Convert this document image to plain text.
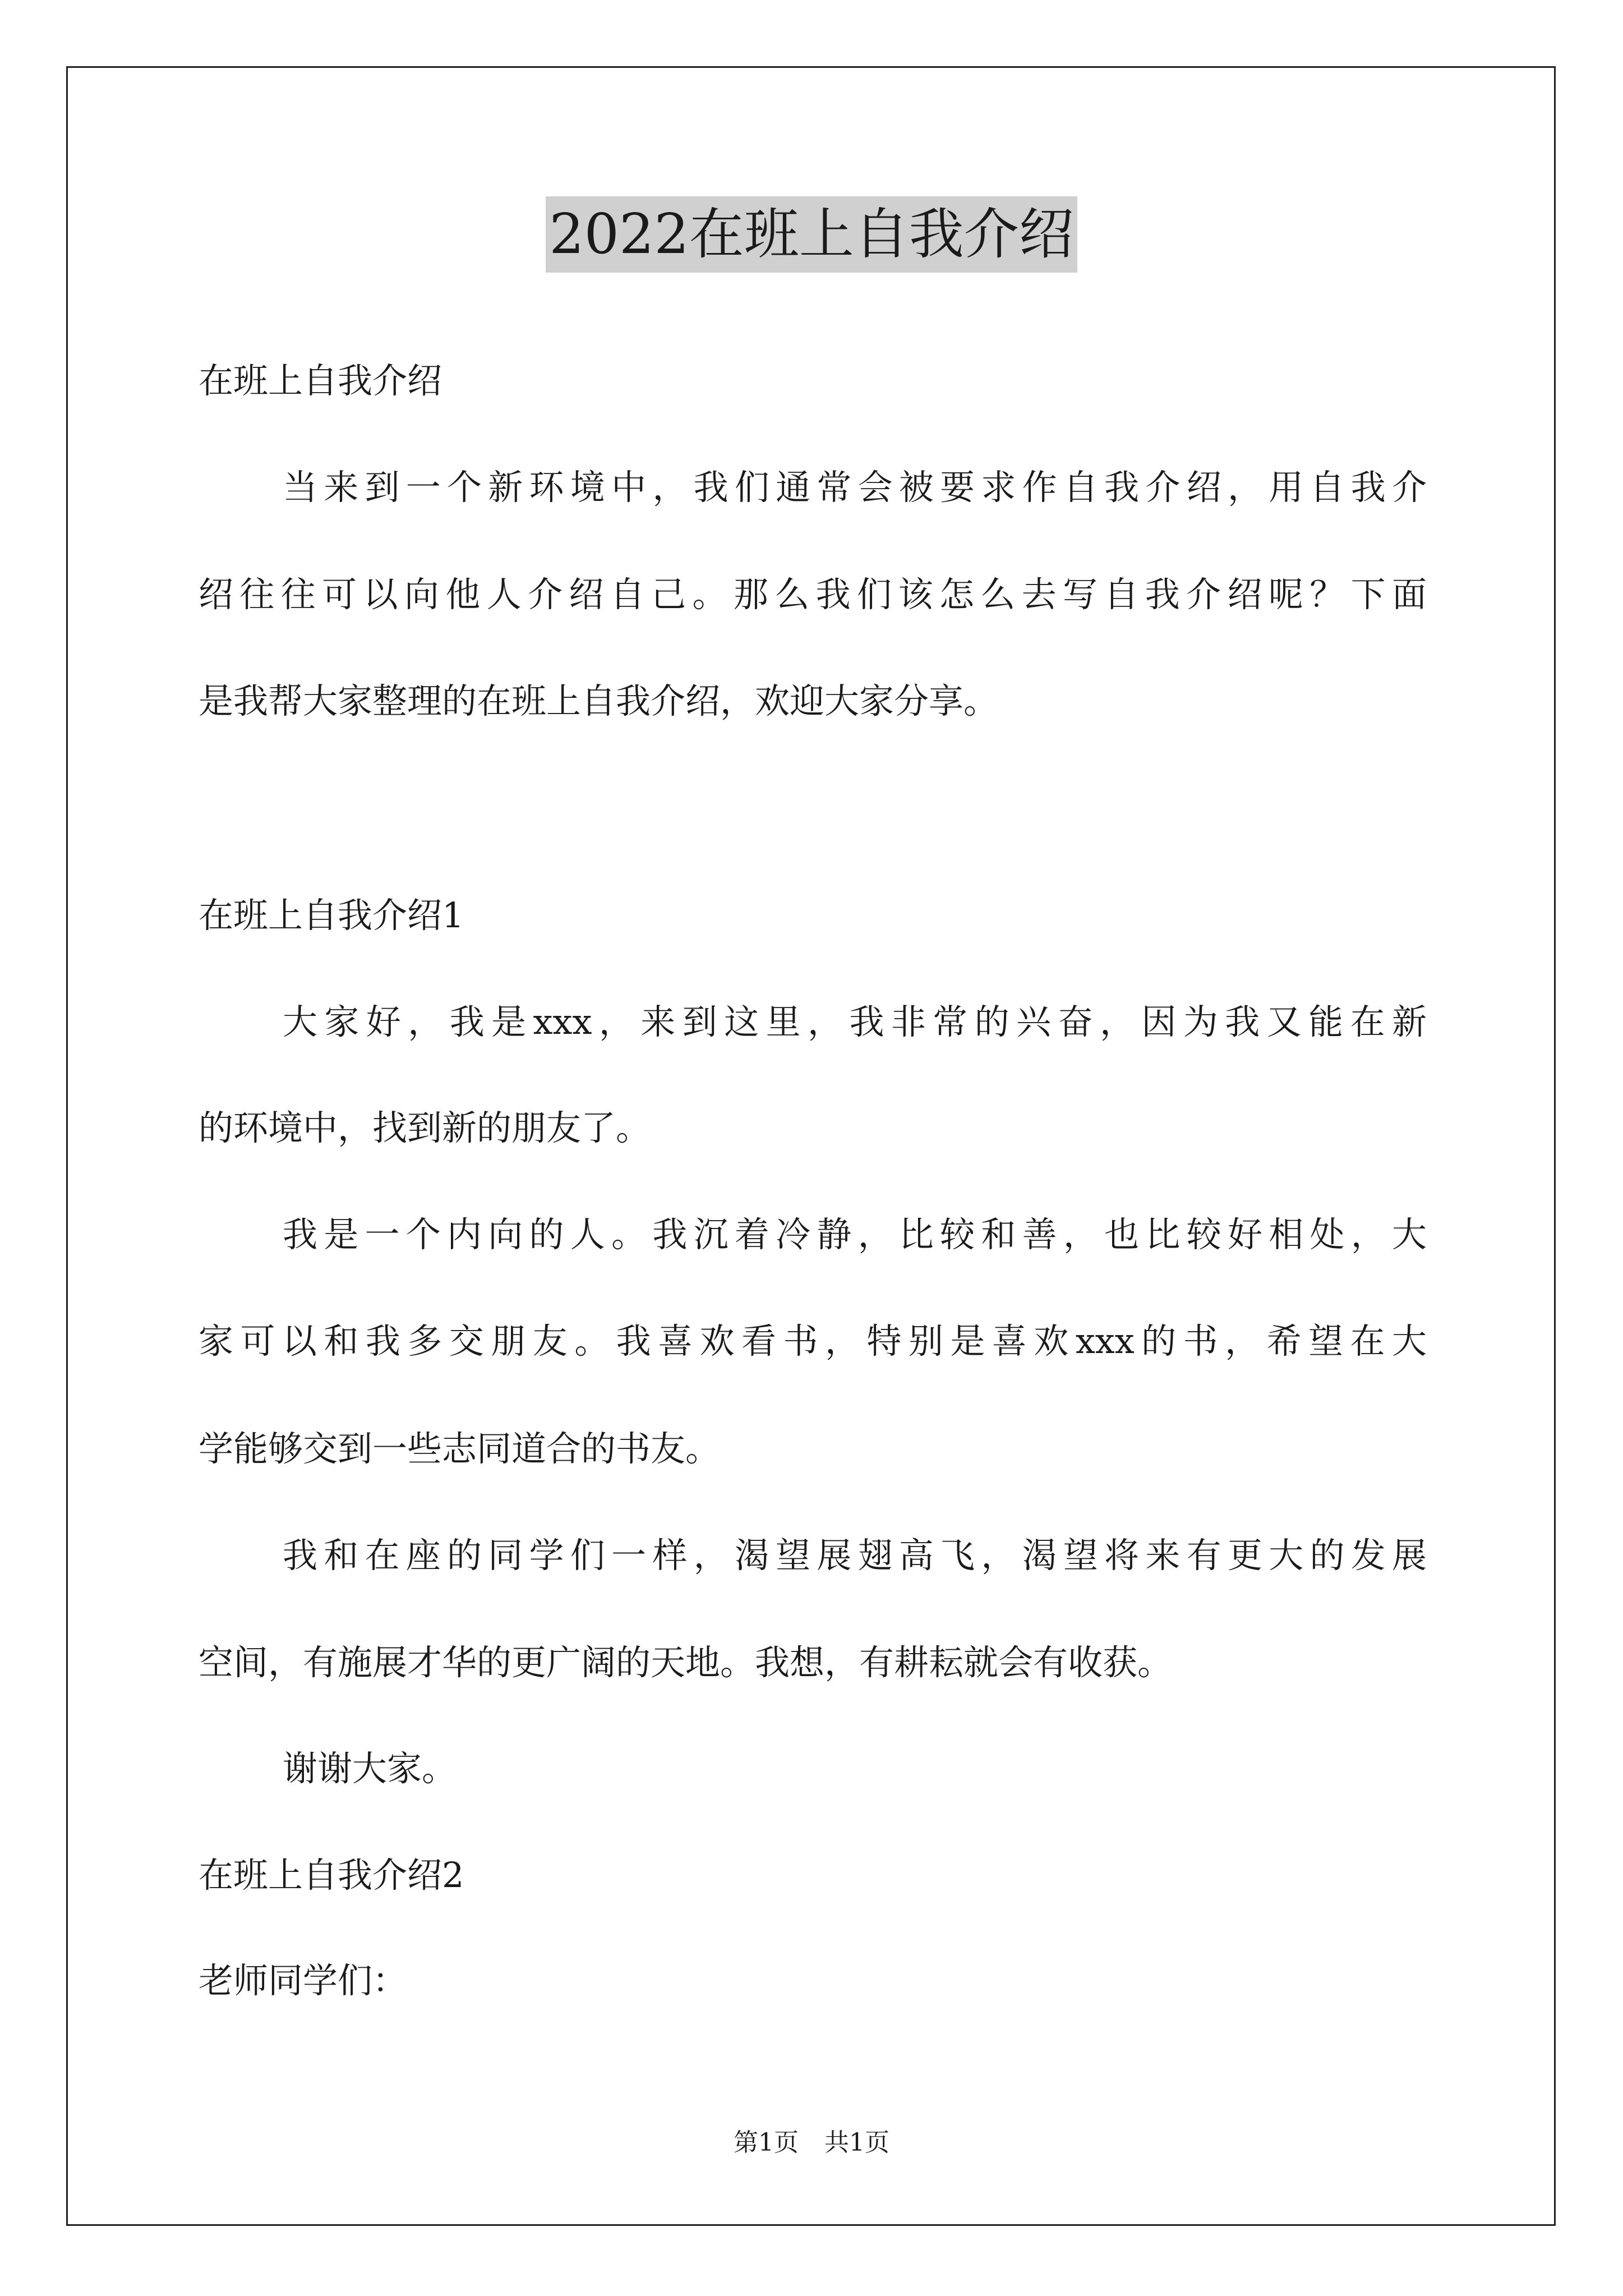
2022在班上自我介绍
在班上自我介绍
当来到一个新环境中，我们通常会被要求作自我介绍，用自我介
绍往往可以向他人介绍自己。那么我们该怎么去写自我介绍呢？下面
是我帮大家整理的在班上自我介绍，欢迎大家分享。
在班上自我介绍1
大家好，我是xxx，来到这里，我非常的兴奋，因为我又能在新
的环境中，找到新的朋友了。
我是一个内向的人。我沉着冷静，比较和善，也比较好相处，大
家可以和我多交朋友。我喜欢看书，特别是喜欢xxx的书，希望在大
学能够交到一些志同道合的书友。
我和在座的同学们一样，渴望展翅高飞，渴望将来有更大的发展
空间，有施展才华的更广阔的天地。我想，有耕耘就会有收获。
谢谢大家。
在班上自我介绍2
老师同学们：
第1页 共1页
